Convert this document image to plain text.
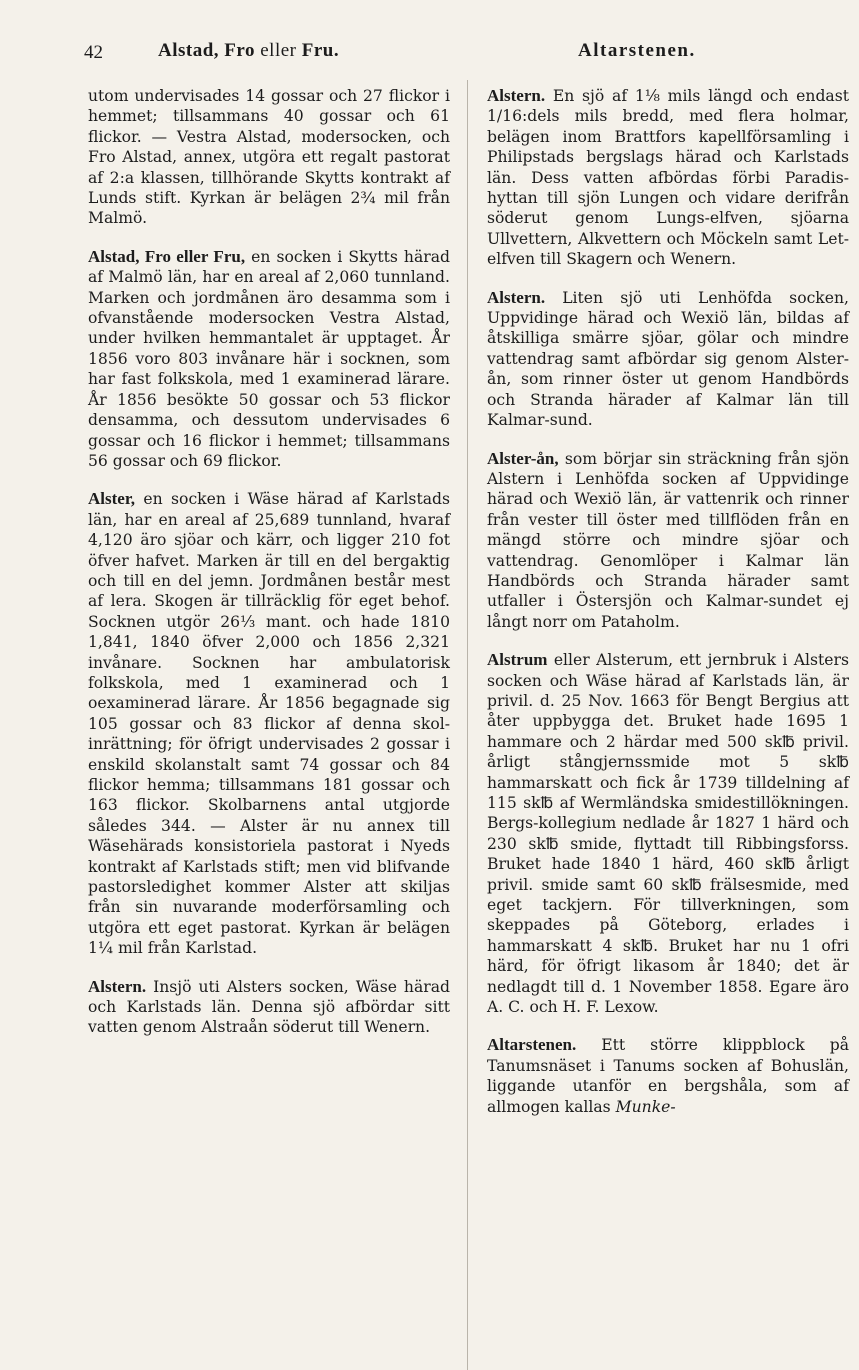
42	Alstad, Fro eller Fru.	Altarstenen.

utom undervisades 14 gossar och 27 flickor i hemmet; tillsammans 40 gossar och 61 flickor. — Vestra Alstad, modersocken, och Fro Alstad, annex, utgöra ett regalt pastorat af 2:a klassen, tillhörande Skytts kontrakt af Lunds stift. Kyrkan är belägen 2¾ mil från Malmö.

Alstad, Fro eller Fru, en socken i Skytts härad af Malmö län, har en areal af 2,060 tunnland. Marken och jordmånen äro desamma som i ofvanstående modersocken Vestra Alstad, under hvilken hemmantalet är upptaget. År 1856 voro 803 invånare här i socknen, som har fast folkskola, med 1 examinerad lärare. År 1856 besökte 50 gossar och 53 flickor densamma, och dessutom undervisades 6 gossar och 16 flickor i hemmet; tillsammans 56 gossar och 69 flickor.

Alster, en socken i Wäse härad af Karlstads län, har en areal af 25,689 tunnland, hvaraf 4,120 äro sjöar och kärr, och ligger 210 fot öfver hafvet. Marken är till en del bergaktig och till en del jemn. Jordmånen består mest af lera. Skogen är tillräcklig för eget behof. Socknen utgör 26⅓ mant. och hade 1810 1,841, 1840 öfver 2,000 och 1856 2,321 invånare. Socknen har ambulatorisk folkskola, med 1 examinerad och 1 oexaminerad lärare. År 1856 begagnade sig 105 gossar och 83 flickor af denna skol-inrättning; för öfrigt undervisades 2 gossar i enskild skolanstalt samt 74 gossar och 84 flickor hemma; tillsammans 181 gossar och 163 flickor. Skolbarnens antal utgjorde således 344. — Alster är nu annex till Wäsehärads konsistoriela pastorat i Nyeds kontrakt af Karlstads stift; men vid blifvande pastorsledighet kommer Alster att skiljas från sin nuvarande moderförsamling och utgöra ett eget pastorat. Kyrkan är belägen 1¼ mil från Karlstad.

Alstern. Insjö uti Alsters socken, Wäse härad och Karlstads län. Denna sjö afbördar sitt vatten genom Alstraån söderut till Wenern.

Alstern. En sjö af 1⅛ mils längd och endast 1/16:dels mils bredd, med flera holmar, belägen inom Brattfors kapellförsamling i Philipstads bergslags härad och Karlstads län. Dess vatten afbördas förbi Paradis-hyttan till sjön Lungen och vidare derifrån söderut genom Lungs-elfven, sjöarna Ullvettern, Alkvettern och Möckeln samt Let-elfven till Skagern och Wenern.

Alstern. Liten sjö uti Lenhöfda socken, Uppvidinge härad och Wexiö län, bildas af åtskilliga smärre sjöar, gölar och mindre vattendrag samt afbördar sig genom Alster-ån, som rinner öster ut genom Handbörds och Stranda härader af Kalmar län till Kalmar-sund.

Alster-ån, som börjar sin sträckning från sjön Alstern i Lenhöfda socken af Uppvidinge härad och Wexiö län, är vattenrik och rinner från vester till öster med tillflöden från en mängd större och mindre sjöar och vattendrag. Genomlöper i Kalmar län Handbörds och Stranda härader samt utfaller i Östersjön och Kalmar-sundet ej långt norr om Pataholm.

Alstrum eller Alsterum, ett jernbruk i Alsters socken och Wäse härad af Karlstads län, är privil. d. 25 Nov. 1663 för Bengt Bergius att åter uppbygga det. Bruket hade 1695 1 hammare och 2 härdar med 500 sk℔ privil. årligt stångjernssmide mot 5 sk℔ hammarskatt och fick år 1739 tilldelning af 115 sk℔ af Wermländska smidestillökningen. Bergs-kollegium nedlade år 1827 1 härd och 230 sk℔ smide, flyttadt till Ribbingsforss. Bruket hade 1840 1 härd, 460 sk℔ årligt privil. smide samt 60 sk℔ frälsesmide, med eget tackjern. För tillverkningen, som skeppades på Göteborg, erlades i hammarskatt 4 sk℔. Bruket har nu 1 ofri härd, för öfrigt likasom år 1840; det är nedlagdt till d. 1 November 1858. Egare äro A. C. och H. F. Lexow.

Altarstenen. Ett större klippblock på Tanumsnäset i Tanums socken af Bohuslän, liggande utanför en bergshåla, som af allmogen kallas Munke-
